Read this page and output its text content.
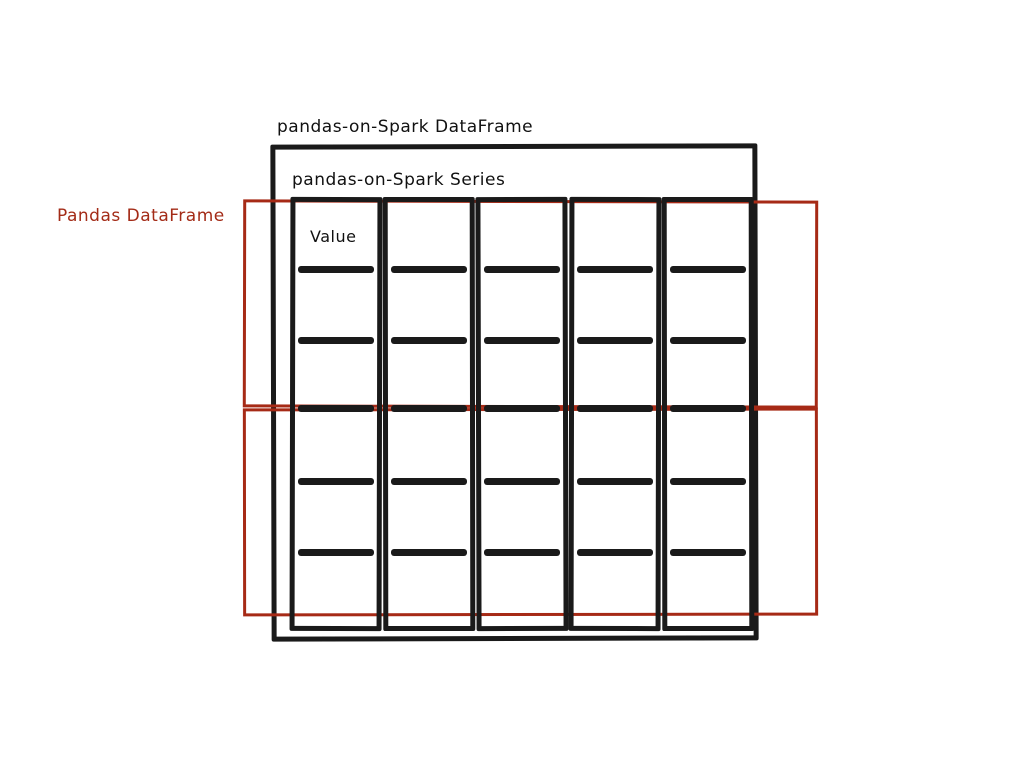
pandas-on-Spark DataFrame
pandas-on-Spark Series
Pandas DataFrame
Value
